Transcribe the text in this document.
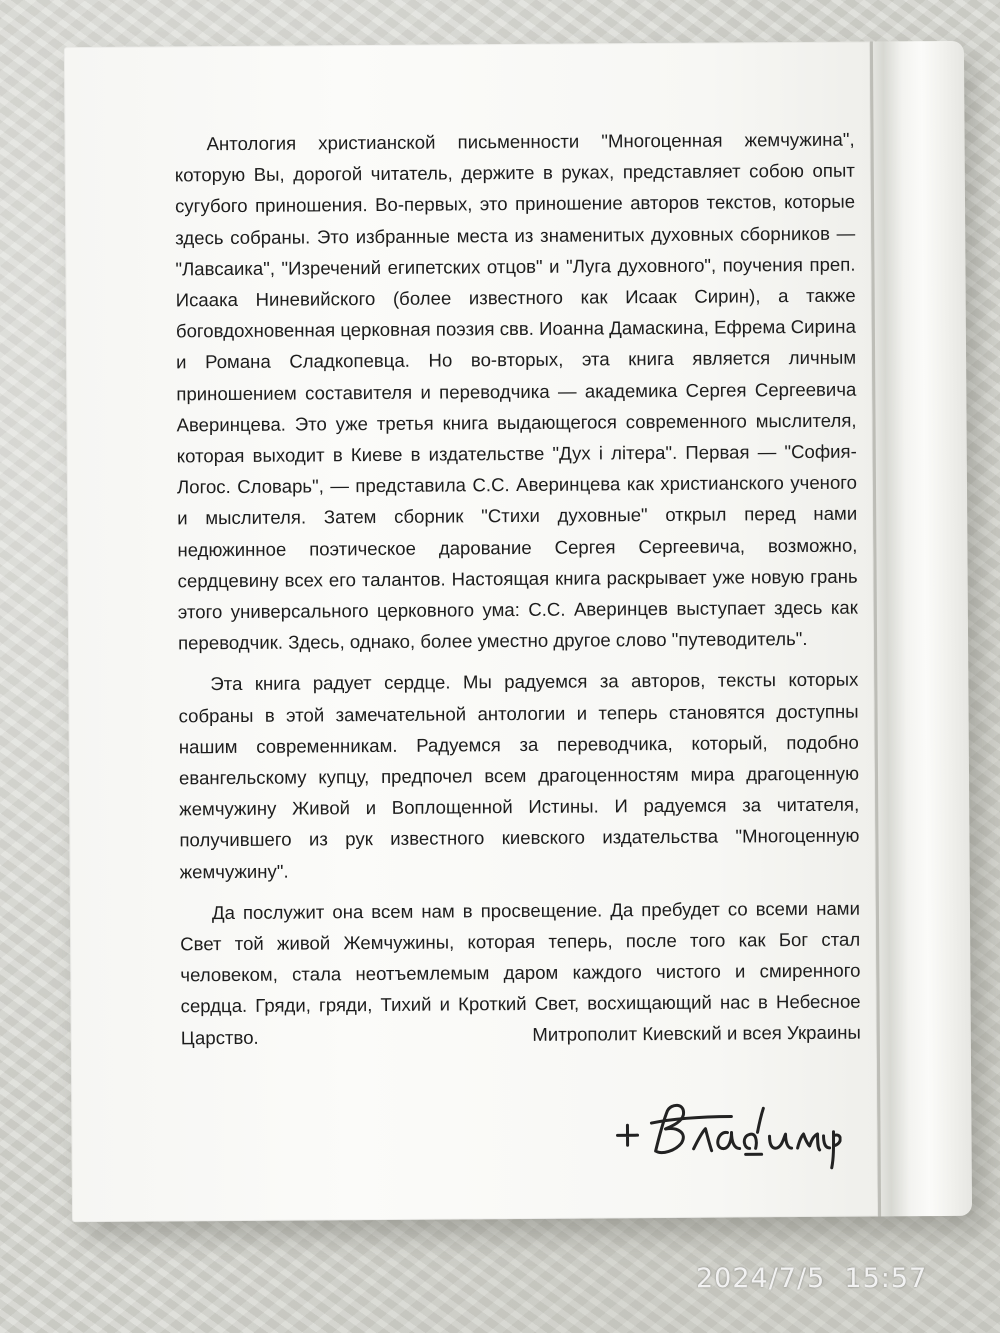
Антология христианской письменности "Многоценная жемчужина", которую Вы, дорогой читатель, держите в руках, представляет собою опыт сугубого приношения. Во-первых, это приношение авторов текстов, которые здесь собраны. Это избранные места из знаменитых духовных сборников — "Лавсаика", "Изречений египетских отцов" и "Луга духовного", поучения преп. Исаака Ниневийского (более известного как Исаак Сирин), а также боговдохновенная церковная поэзия свв. Иоанна Дамаскина, Ефрема Сирина и Романа Сладкопевца. Но во-вторых, эта книга является личным приношением составителя и переводчика — академика Сергея Сергеевича Аверинцева. Это уже третья книга выдающегося современного мыслителя, которая выходит в Киеве в издательстве "Дух і літера". Первая — "София-Логос. Словарь", — представила С.С. Аверинцева как христианского ученого и мыслителя. Затем сборник "Стихи духовные" открыл перед нами недюжинное поэтическое дарование Сергея Сергеевича, возможно, сердцевину всех его талантов. Настоящая книга раскрывает уже новую грань этого универсального церковного ума: С.С. Аверинцев выступает здесь как переводчик. Здесь, однако, более уместно другое слово "путеводитель".

Эта книга радует сердце. Мы радуемся за авторов, тексты которых собраны в этой замечательной антологии и теперь становятся доступны нашим современникам. Радуемся за переводчика, который, подобно евангельскому купцу, предпочел всем драгоценностям мира драгоценную жемчужину Живой и Воплощенной Истины. И радуемся за читателя, получившего из рук известного киевского издательства "Многоценную жемчужину".

Да послужит она всем нам в просвещение. Да пребудет со всеми нами Свет той живой Жемчужины, которая теперь, после того как Бог стал человеком, стала неотъемлемым даром каждого чистого и смиренного сердца. Гряди, гряди, Тихий и Кроткий Свет, восхищающий нас в Небесное Царство.	Митрополит Киевский и всея Украины
2024/7/5  15:57
